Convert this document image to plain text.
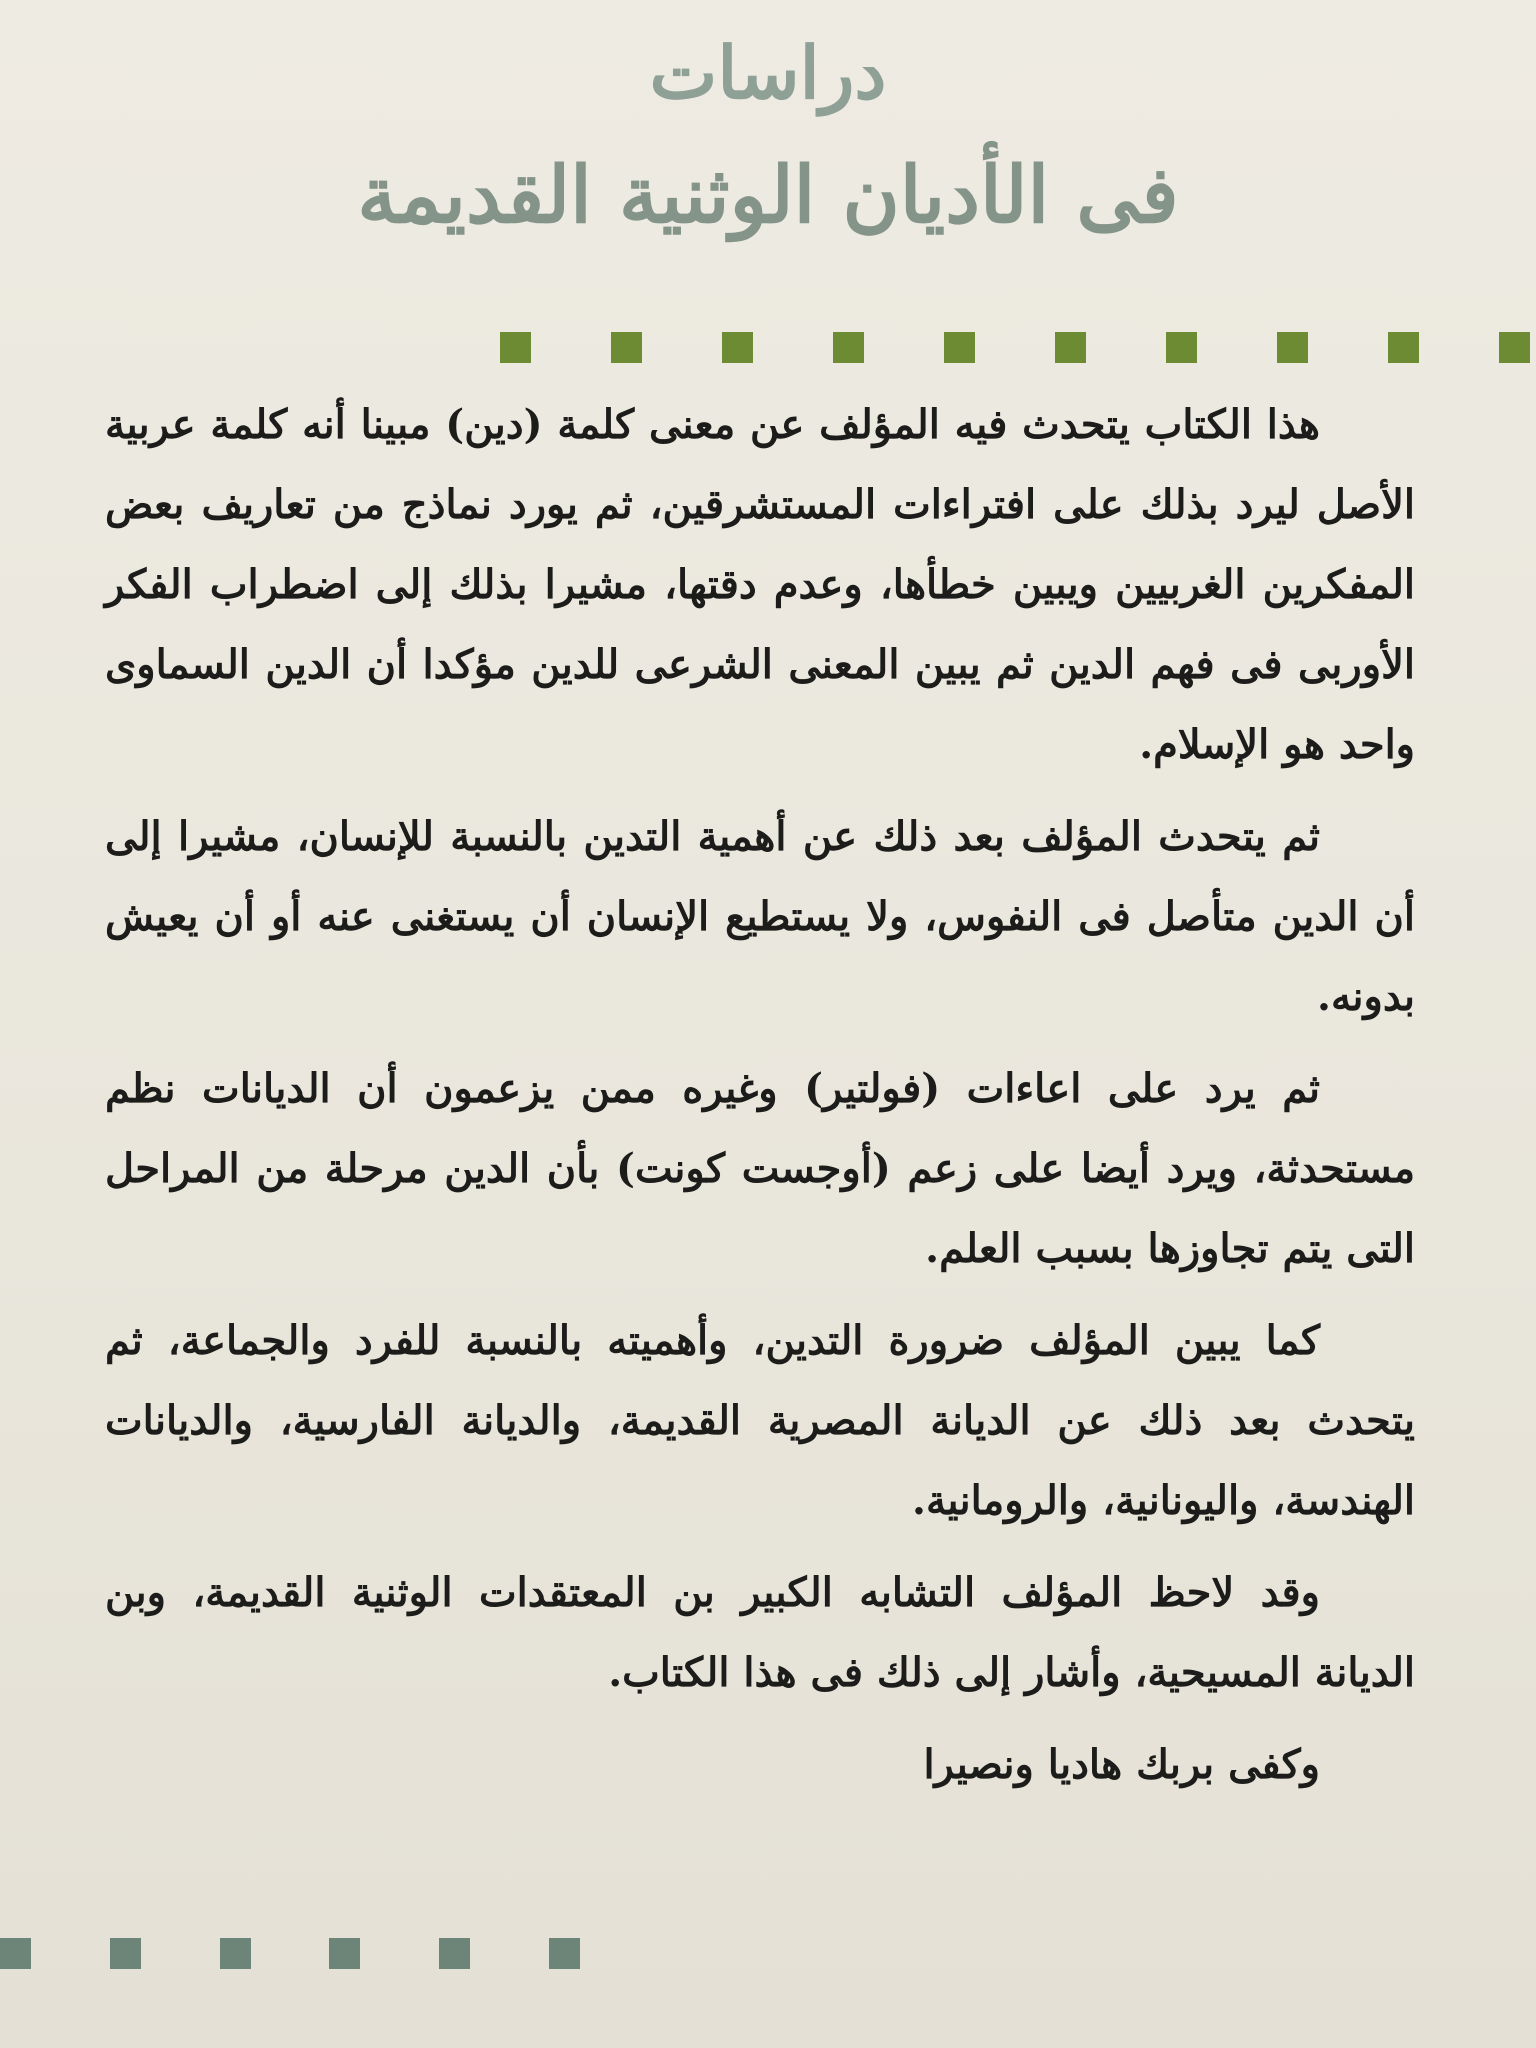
دراسات
فى الأديان الوثنية القديمة

هذا الكتاب يتحدث فيه المؤلف عن معنى كلمة (دين) مبينا أنه كلمة عربية الأصل ليرد بذلك على افتراءات المستشرقين، ثم يورد نماذج من تعاريف بعض المفكرين الغربيين ويبين خطأها، وعدم دقتها، مشيرا بذلك إلى اضطراب الفكر الأوربى فى فهم الدين ثم يبين المعنى الشرعى للدين مؤكدا أن الدين السماوى واحد هو الإسلام.

ثم يتحدث المؤلف بعد ذلك عن أهمية التدين بالنسبة للإنسان، مشيرا إلى أن الدين متأصل فى النفوس، ولا يستطيع الإنسان أن يستغنى عنه أو أن يعيش بدونه.

ثم يرد على اعاءات (فولتير) وغيره ممن يزعمون أن الديانات نظم مستحدثة، ويرد أيضا على زعم (أوجست كونت) بأن الدين مرحلة من المراحل التى يتم تجاوزها بسبب العلم.

كما يبين المؤلف ضرورة التدين، وأهميته بالنسبة للفرد والجماعة، ثم يتحدث بعد ذلك عن الديانة المصرية القديمة، والديانة الفارسية، والديانات الهندسة، واليونانية، والرومانية.

وقد لاحظ المؤلف التشابه الكبير بن المعتقدات الوثنية القديمة، وبن الديانة المسيحية، وأشار إلى ذلك فى هذا الكتاب.

وكفى بربك هاديا ونصيرا
